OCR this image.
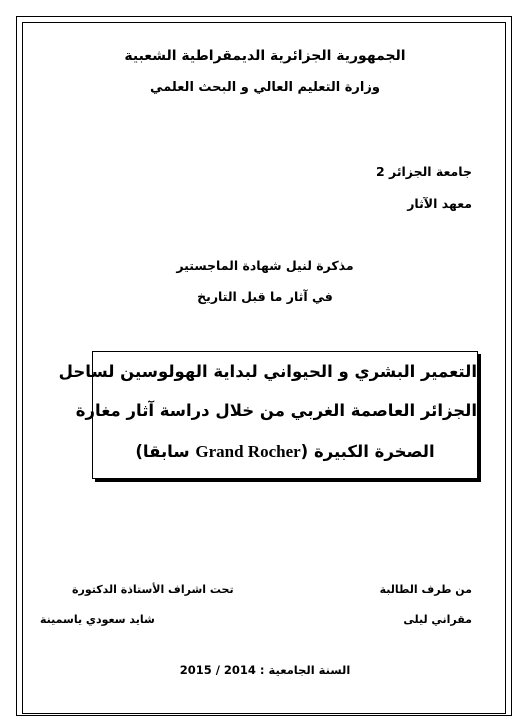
الجمهورية الجزائرية الديمقراطية الشعبية
وزارة التعليم العالي و البحث العلمي
جامعة الجزائر 2
معهد الآثار
مذكرة لنيل شهادة الماجستير
في آثار ما قبل التاريخ
التعمير البشري و الحيواني لبداية الهولوسين لساحل
الجزائر العاصمة الغربي من خلال دراسة آثار مغارة
الصخرة الكبيرة (Grand Rocher سابقا)
من طرف الطالبة
تحت اشراف الأستاذة الدكتورة
مقراني ليلى
شايد سعودي ياسمينة
السنة الجامعية : 2015 / 2014
